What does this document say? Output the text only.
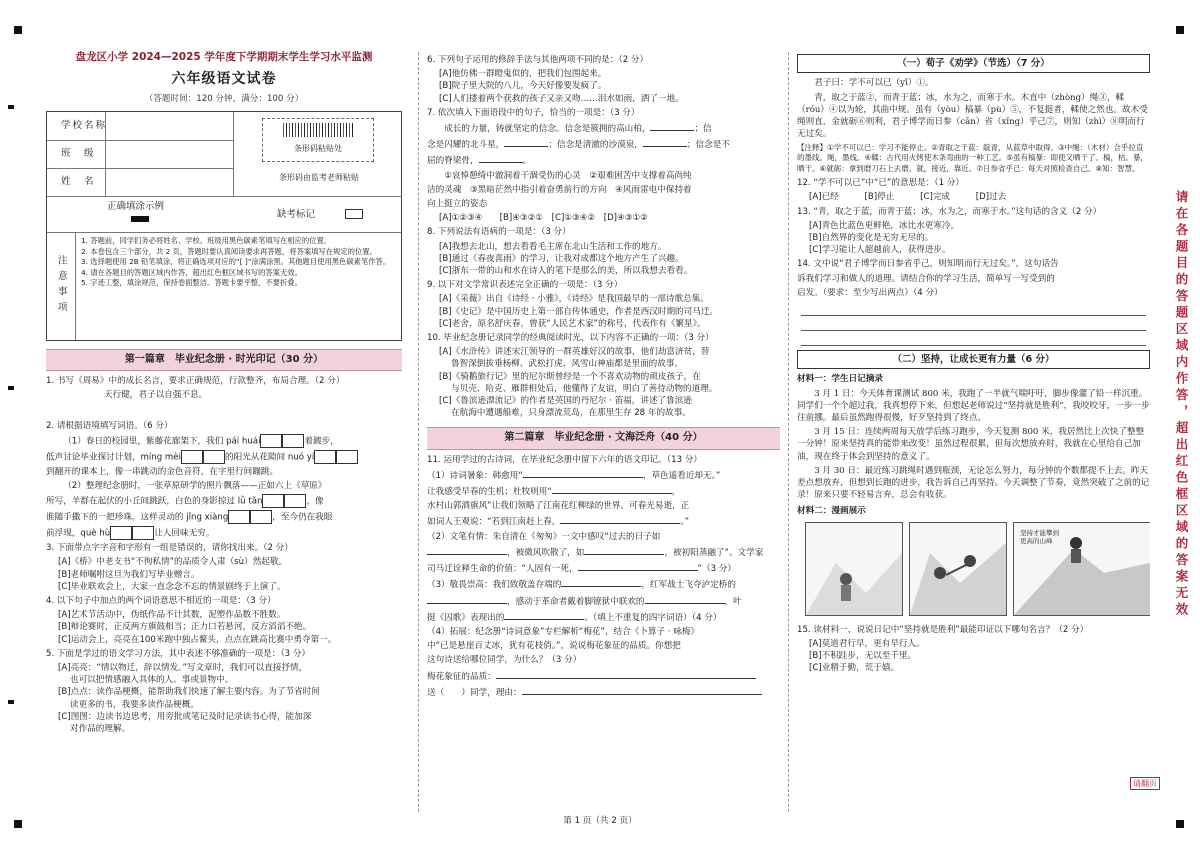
盘龙区小学 2024—2025 学年度下学期期末学生学习水平监测
六年级语文试卷
（答题时间：120 分钟，满分：100 分）
学校名称
班　级
姓　名
条形码粘贴处
条形码由监考老师粘贴
正确填涂示例
缺考标记
注意事项
1. 答题前，同学们务必将姓名、学校、班级用黑色碳素笔填写在相应的位置。
2. 本卷包含三个部分，共 2 页，答题时要认真阅读要求再答题，将答案填写在规定的位置。
3. 选择题使用 2B 铅笔填涂，将正确选项对应的“[ ]”涂满涂黑。其他题目使用黑色碳素笔作答。
4. 请在各题目的答题区域内作答，超出红色框区域书写的答案无效。
5. 字迹工整，填涂规范，保持卷面整洁。答题卡要平整，不要折叠。
第一篇章　毕业纪念册 · 时光印记（30 分）
1. 书写《周易》中的成长名言，要求正确规范，行款整齐，布局合理。（2 分）
天行健，君子以自强不息。
2. 请根据语境填写词语。（6 分）
（1）春日的校园里，紫藤花廊架下，我们 pái huái	着踱步，
低声讨论毕业探讨计划，míng mèi	的阳光从花隙间 nuó yí
到翻开的课本上，像一串跳动的金色音符，在字里行间蹦跳。
（2）整理纪念册时，一张草原研学的照片飘落——正如六上《草原》
所写，羊群在起伏的小丘间跳跃，白色的身影掠过 lǜ tǎn	，像
谁随手撒下的一把珍珠。这样灵动的 jǐng xiàng	，至今仍在我眼
前浮现，què hù	让人回味无穷。
3. 下面带点字字音和字形有一组是错误的，请你找出来。（2 分）
[A]《桥》中老支书“不徇私情”的品质令人肃（sù）然起敬。
[B]老师嘱咐这旦为我们写毕业赠言。
[C]毕业联欢会上，大家一直念念不忘的情景剧终于上演了。
4. 以下句子中加点的两个词语意思不相近的一项是：（3 分）
[A]艺术节活动中，伪纸作品不计其数，泥塑作品数不胜数。
[B]辩论赛时，正反两方旗鼓相当；正力口若悬河，反方滔滔不绝。
[C]运动会上，亮亮在100米跑中独占鳌头，点点在跳高比赛中勇夺第一。
5. 下面是学过的语文学习方法，其中表述不够准确的一项是：（3 分）
[A]亮亮：“情以物迁，辞以情发。”写文章时，我们可以直接抒情，
也可以把情感融入具体的人、事或景物中。
[B]点点：读作品梗概，能帮助我们快速了解主要内容。为了节省时间
读更多的书，我要多读作品梗概。
[C]图图：边读书边思考，用旁批或笔记及时记录读书心得，能加深
对作品的理解。
6. 下列句子运用的修辞手法与其他两项不同的是：（2 分）
[A]他仿佛一群瞪鬼似的，把我们包围起来。
[B]院子里大院的八儿，今天好像要发疯了。
[C]人们搂着两个获救的孩子又亲又吻……泪水如雨，洒了一地。
7. 依次填入下面语段中的句子，恰当的一项是：（3 分）
成长的力量，铸就坚定的信念。信念是簇拥的高山柏，	；信
念是闪耀的北斗星，	；信念是清澈的沙漠泉，	；信念是不
屈的脊梁骨，	。
①哀悼憩绮中澈洞着干涸受伤的心灵　②艰难困苦中支撑着高尚纯
洁的灵魂　③黑暗茫然中指引着奋勇前行的方向　④风雨雷电中保持着
向上挺立的姿态
[A]①②③④　　[B]④③②①　[C]①③④②　[D]④③①②
8. 下列说法有语病的一项是：（3 分）
[A]我想去北山，想去看看毛主席在北山生活和工作的地方。
[B]通过《春夜喜雨》的学习，让我对成都这个地方产生了兴趣。
[C]浙东一带的山和水在诗人的笔下是那么的美，所以我想去看看。
9. 以下对文学常识表述完全正确的一项是：（3 分）
[A]《采薇》出自《诗经 · 小雅》，《诗经》是我国最早的一部诗歌总集。
[B]《史记》是中国历史上第一部自传体通史，作者是西汉时期的司马迁。
[C]老舍，原名舒庆春，曾获“人民艺术家”的称号，代表作有《繁星》。
10. 毕业纪念册记录同学的经典阅读时光，以下内容不正确的一项：（3 分）
[A]《水浒传》讲述宋江领导的一群英雄好汉的故事，他们劫富济贫，替
鲁智深倒拔垂杨柳、武松打虎、风雪山神庙都是里面的故事。
[B]《骑鹅旅行记》里的尼尔斯曾经是一个不喜欢动物的顽皮孩子，在
与贝壳、哈克、雁群相处后，他懂得了友谊，明白了善待动物的道理。
[C]《鲁滨逊漂流记》的作者是英国的丹尼尔 · 笛福，讲述了鲁滨逊
在航海中遭遇船难，只身漂流荒岛，在那里生存 28 年的故事。
第二篇章　毕业纪念册 · 文海泛舟（40 分）
11. 运用学过的古诗词，在毕业纪念册中留下六年的语文印记。（13 分）
（1）诗词暑象：韩愈用“	，草色遥看近却无。”
让我感受早春的生机；杜牧则用“	，
水村山郭酒旗风”让我们领略了江南花红柳绿的世界。可春光易逝，正
如词人王观说：“若到江南赶上春，	。”
（2）文笔有情：朱自清在《匆匆》一文中感叹“过去的日子如
，被微风吹散了，如	，被初阳蒸融了”。文学家
司马迁诠释生命的价值：“人固有一死，	”（3 分）
（3）敬畏崇高：我们致敬盖存端的	，红军战士飞夺泸定桥的
，感动于革命者戴着脚镣狱中联欢的	，叶
挺《囚歌》表现出的	。（填上不重复的四字词语）（4 分）
（4）拓展：纪念册“诗词意象”专栏解析“梅花”，结合《卜算子 · 咏梅》
中“已是悬崖百丈冰，犹有花枝俏。”，说说梅花象征的品质。你想把
这句诗送给哪位同学，为什么？（3 分）
梅花象征的品质：
送（　　）同学，理由：
（一）荀子《劝学》（节选）（7 分）
君子曰：学不可以已（yǐ）①。
青，取之于蓝②，而青于蓝；冰，水为之，而寒于水。木直中（zhòng）绳③，輮（róu）④以为轮，其曲中规。虽有（yòu）槁暴（pù）⑤，不复挺者，輮使之然也。故木受绳则直，金就砺⑥则利，君子博学而日参（cān）省（xǐng）乎己⑦，则知（zhì）⑧明而行无过矣。
【注释】①学不可以已：学习不能停止。②青取之于蓝：靛青，从蓝草中取得。③中绳：（木材）合乎拉直的墨线。绳，墨线。④輮：古代用火烤使木条弯曲的一种工艺。⑤虽有槁暴：即使又晒干了。槁，枯。暴，晒干。⑥就砺：拿到磨刀石上去磨。就，接近，靠近。⑦日参省乎己：每天对照检查自己。⑧知：智慧。
12. “学不可以已”中“已”的意思是：（1 分）
[A]已经　　　[B]停止　　　[C]完成　　　[D]过去
13. “青，取之于蓝，而青于蓝；冰，水为之，而寒于水。”这句话的含义（2 分）
[A]青色比蓝色更鲜艳，冰比水更寒冷。
[B]自然界的变化是无穷无尽的。
[C]学习能让人超越前人，获得进步。
14. 文中说“君子博学而日参省乎己，则知明而行无过矣。”，这句话告
诉我们学习和做人的道理。请结合你的学习生活，简单写一写受到的
启发。（要求：至少写出两点）（4 分）
（二）坚持，让成长更有力量（6 分）
材料一：学生日记摘录
3 月 1 日：今天体育课测试 800 米，我跑了一半就气喘吁吁，脚步像灌了铅一样沉重。同学们一个个超过我，我真想停下来，但想起老师说过“坚持就是胜利”，我咬咬牙，一步一步往前挪。最后虽然跑得很慢，好歹坚持到了终点。
3 月 15 日：连续两周每天放学后练习跑步，今天复测 800 米，我居然比上次快了整整一分钟！原来坚持真的能带来改变！虽然过程很累，但每次想放弃时，我就在心里给自己加油，现在终于体会到坚持的意义了。
3 月 30 日：最近练习跳绳时遇到瓶颈，无论怎么努力，每分钟的个数都提不上去。昨天差点想放弃，但想到长跑的进步，我告诉自己再坚持。今天调整了节奏，竟然突破了之前的记录！原来只要不轻易言弃，总会有收获。
材料二：漫画展示
坚持才能攀到更高的山峰
15. 读材料一，说说日记中“坚持就是胜利”最能印证以下哪句名言？（2 分）
[A]莫道君行早，更有早行人。
[B]不积跬步，无以至千里。
[C]业精于勤，荒于嬉。
请翻页
请在各题目的答题区域内作答，超出红色框区域的答案无效
第 1 页（共 2 页）
